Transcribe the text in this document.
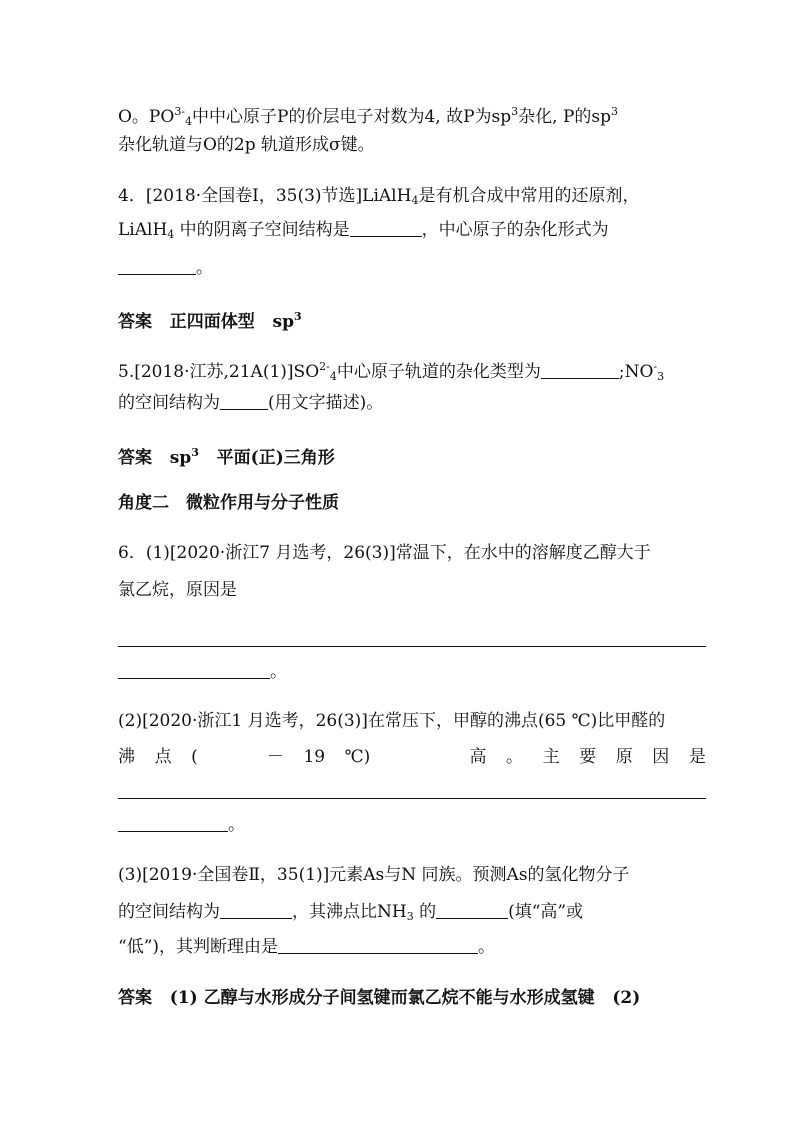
O。$PO^{3-}_4$中中心原子P的价层电子对数为4, 故P为$sp^3$杂化, P的$sp^3$
杂化轨道与O的2p 轨道形成σ键。
4．[2018·全国卷Ⅰ，35(3)节选]LiAlH$_4$是有机合成中常用的还原剂，
LiAlH$_4$ 中的阴离子空间结构是	，中心原子的杂化形式为
。
答案 正四面体型 $sp^3$
5.[2018·江苏$,21A(1)]SO^{2-}_4$中心原子轨道的杂化类型为	$;NO^-_3$
的空间结构为	(用文字描述)。
答案 $sp^3$ 平面(正)三角形
角度二　微粒作用与分子性质
6．(1)[2020·浙江7 月选考，26(3)]常温下，在水中的溶解度乙醇大于
氯乙烷，原因是
。
(2)[2020·浙江1 月选考，26(3)]在常压下，甲醇的沸点(65 ℃)比甲醛的
沸 点 (	－ 19 ℃)	高 。 主 要 原 因 是
。
(3)[2019·全国卷Ⅱ，35(1)]元素As与N 同族。预测As的氢化物分子
的空间结构为	，其沸点比$NH_3$ 的	(填“高”或
“低”)，其判断理由是	。
答案 (1) 乙醇与水形成分子间氢键而氯乙烷不能与水形成氢键 (2)
